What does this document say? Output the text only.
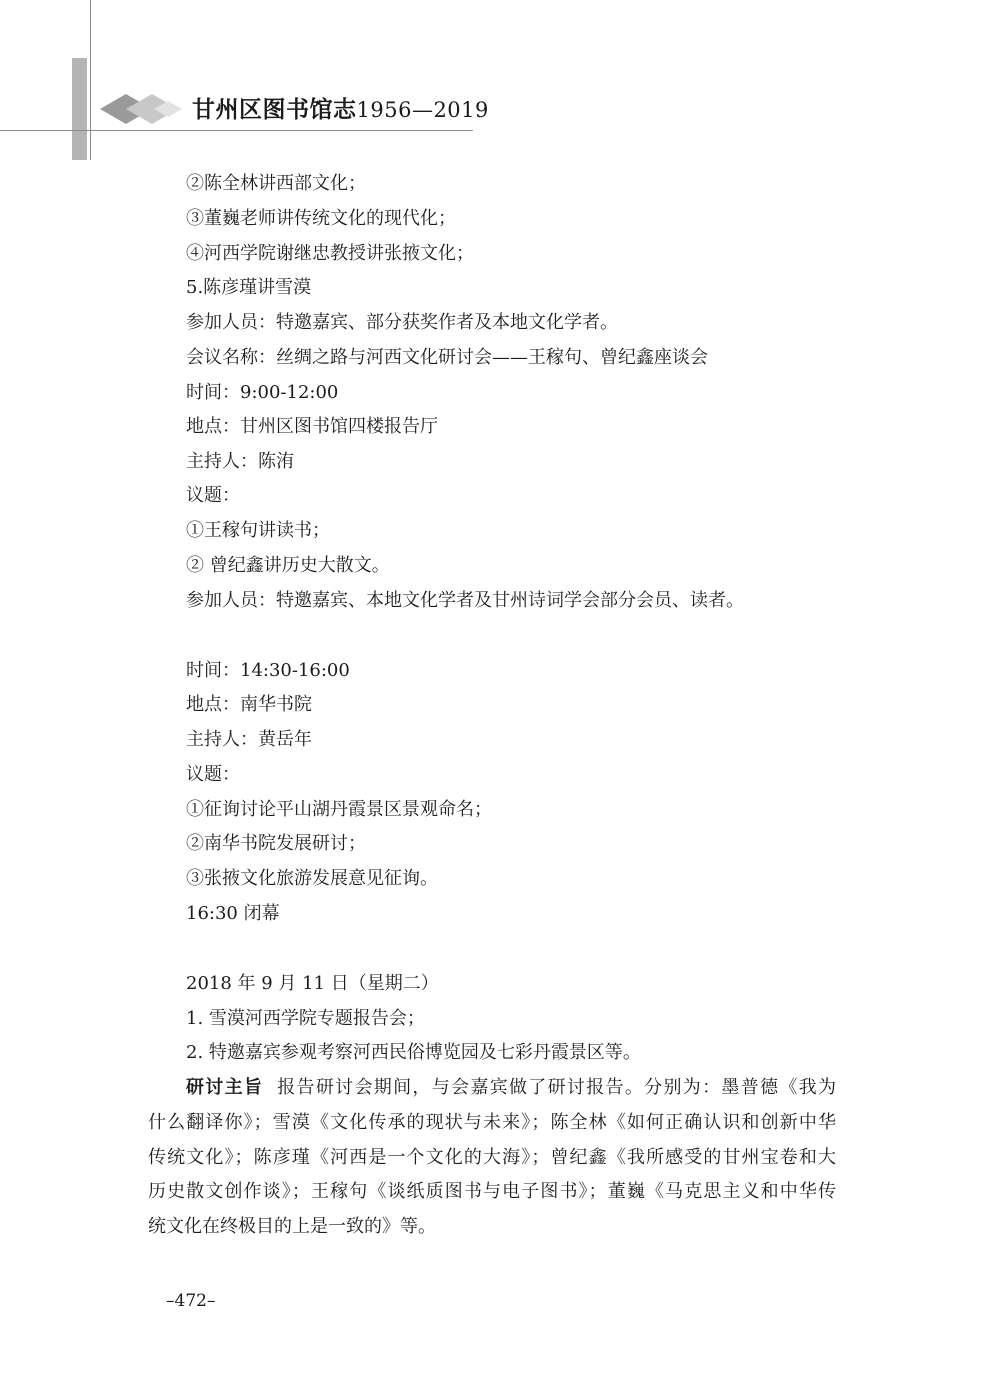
甘州区图书馆志1956—2019
②陈全林讲西部文化；
③董巍老师讲传统文化的现代化；
④河西学院谢继忠教授讲张掖文化；
5.陈彦瑾讲雪漠
参加人员：特邀嘉宾、部分获奖作者及本地文化学者。
会议名称：丝绸之路与河西文化研讨会——王稼句、曾纪鑫座谈会
时间：9:00-12:00
地点：甘州区图书馆四楼报告厅
主持人：陈洧
议题：
①王稼句讲读书；
② 曾纪鑫讲历史大散文。
参加人员：特邀嘉宾、本地文化学者及甘州诗词学会部分会员、读者。
时间：14:30-16:00
地点：南华书院
主持人：黄岳年
议题：
①征询讨论平山湖丹霞景区景观命名；
②南华书院发展研讨；
③张掖文化旅游发展意见征询。
16:30 闭幕
2018 年 9 月 11 日（星期二）
1. 雪漠河西学院专题报告会；
2. 特邀嘉宾参观考察河西民俗博览园及七彩丹霞景区等。
研讨主旨 报告研讨会期间，与会嘉宾做了研讨报告。分别为：墨普德《我为
什么翻译你》；雪漠《文化传承的现状与未来》；陈全林《如何正确认识和创新中华
传统文化》；陈彦瑾《河西是一个文化的大海》；曾纪鑫《我所感受的甘州宝卷和大
历史散文创作谈》；王稼句《谈纸质图书与电子图书》；董巍《马克思主义和中华传
统文化在终极目的上是一致的》等。
–472–
